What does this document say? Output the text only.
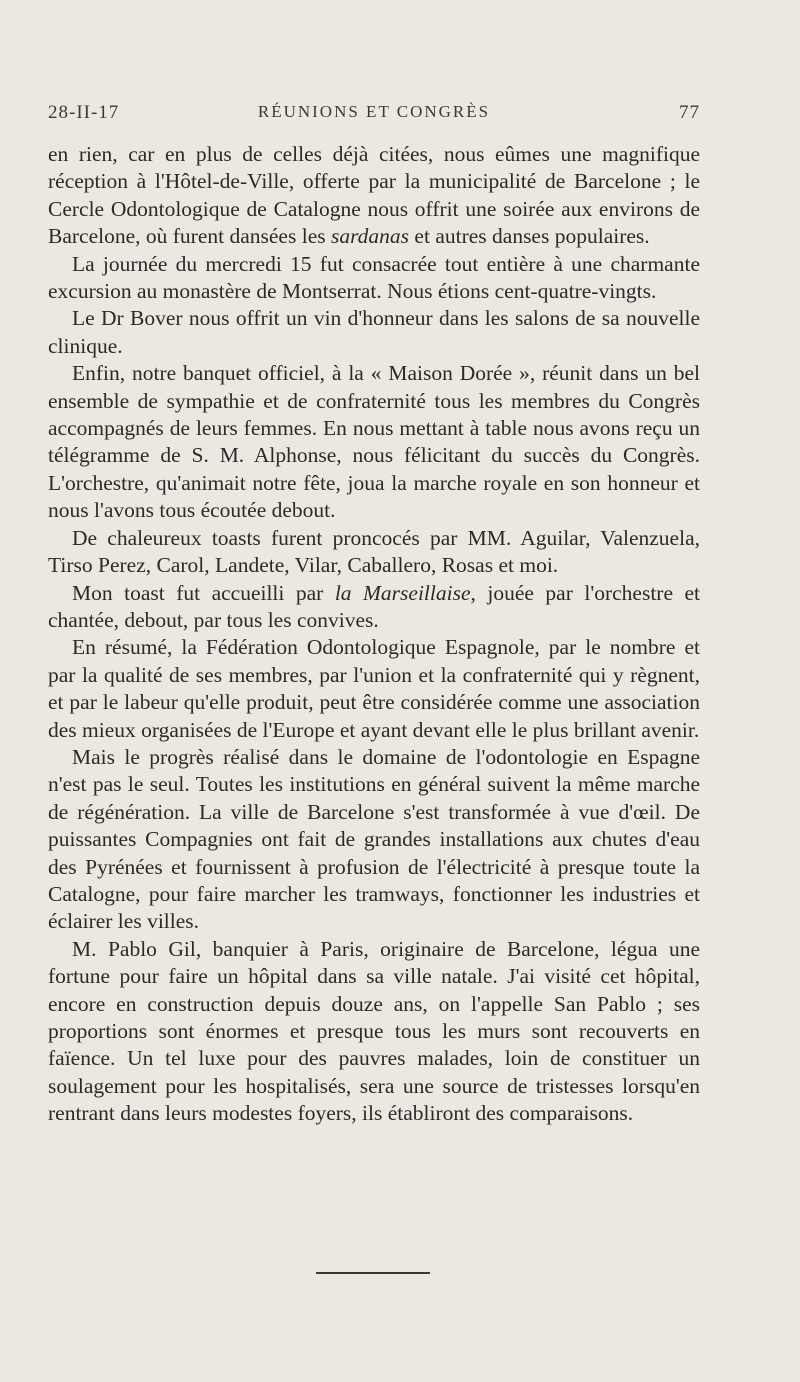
28-II-17	RÉUNIONS ET CONGRÈS	77

en rien, car en plus de celles déjà citées, nous eûmes une magnifique réception à l'Hôtel-de-Ville, offerte par la municipalité de Barcelone ; le Cercle Odontologique de Catalogne nous offrit une soirée aux environs de Barcelone, où furent dansées les sardanas et autres danses populaires.

La journée du mercredi 15 fut consacrée tout entière à une charmante excursion au monastère de Montserrat. Nous étions cent-quatre-vingts.

Le Dr Bover nous offrit un vin d'honneur dans les salons de sa nouvelle clinique.

Enfin, notre banquet officiel, à la « Maison Dorée », réunit dans un bel ensemble de sympathie et de confraternité tous les membres du Congrès accompagnés de leurs femmes. En nous mettant à table nous avons reçu un télégramme de S. M. Alphonse, nous félicitant du succès du Congrès. L'orchestre, qu'animait notre fête, joua la marche royale en son honneur et nous l'avons tous écoutée debout.

De chaleureux toasts furent proncocés par MM. Aguilar, Valenzuela, Tirso Perez, Carol, Landete, Vilar, Caballero, Rosas et moi.

Mon toast fut accueilli par la Marseillaise, jouée par l'orchestre et chantée, debout, par tous les convives.

En résumé, la Fédération Odontologique Espagnole, par le nombre et par la qualité de ses membres, par l'union et la confraternité qui y règnent, et par le labeur qu'elle produit, peut être considérée comme une association des mieux organisées de l'Europe et ayant devant elle le plus brillant avenir.

Mais le progrès réalisé dans le domaine de l'odontologie en Espagne n'est pas le seul. Toutes les institutions en général suivent la même marche de régénération. La ville de Barcelone s'est transformée à vue d'œil. De puissantes Compagnies ont fait de grandes installations aux chutes d'eau des Pyrénées et fournissent à profusion de l'électricité à presque toute la Catalogne, pour faire marcher les tramways, fonctionner les industries et éclairer les villes.

M. Pablo Gil, banquier à Paris, originaire de Barcelone, légua une fortune pour faire un hôpital dans sa ville natale. J'ai visité cet hôpital, encore en construction depuis douze ans, on l'appelle San Pablo ; ses proportions sont énormes et presque tous les murs sont recouverts en faïence. Un tel luxe pour des pauvres malades, loin de constituer un soulagement pour les hospitalisés, sera une source de tristesses lorsqu'en rentrant dans leurs modestes foyers, ils établiront des comparaisons.
